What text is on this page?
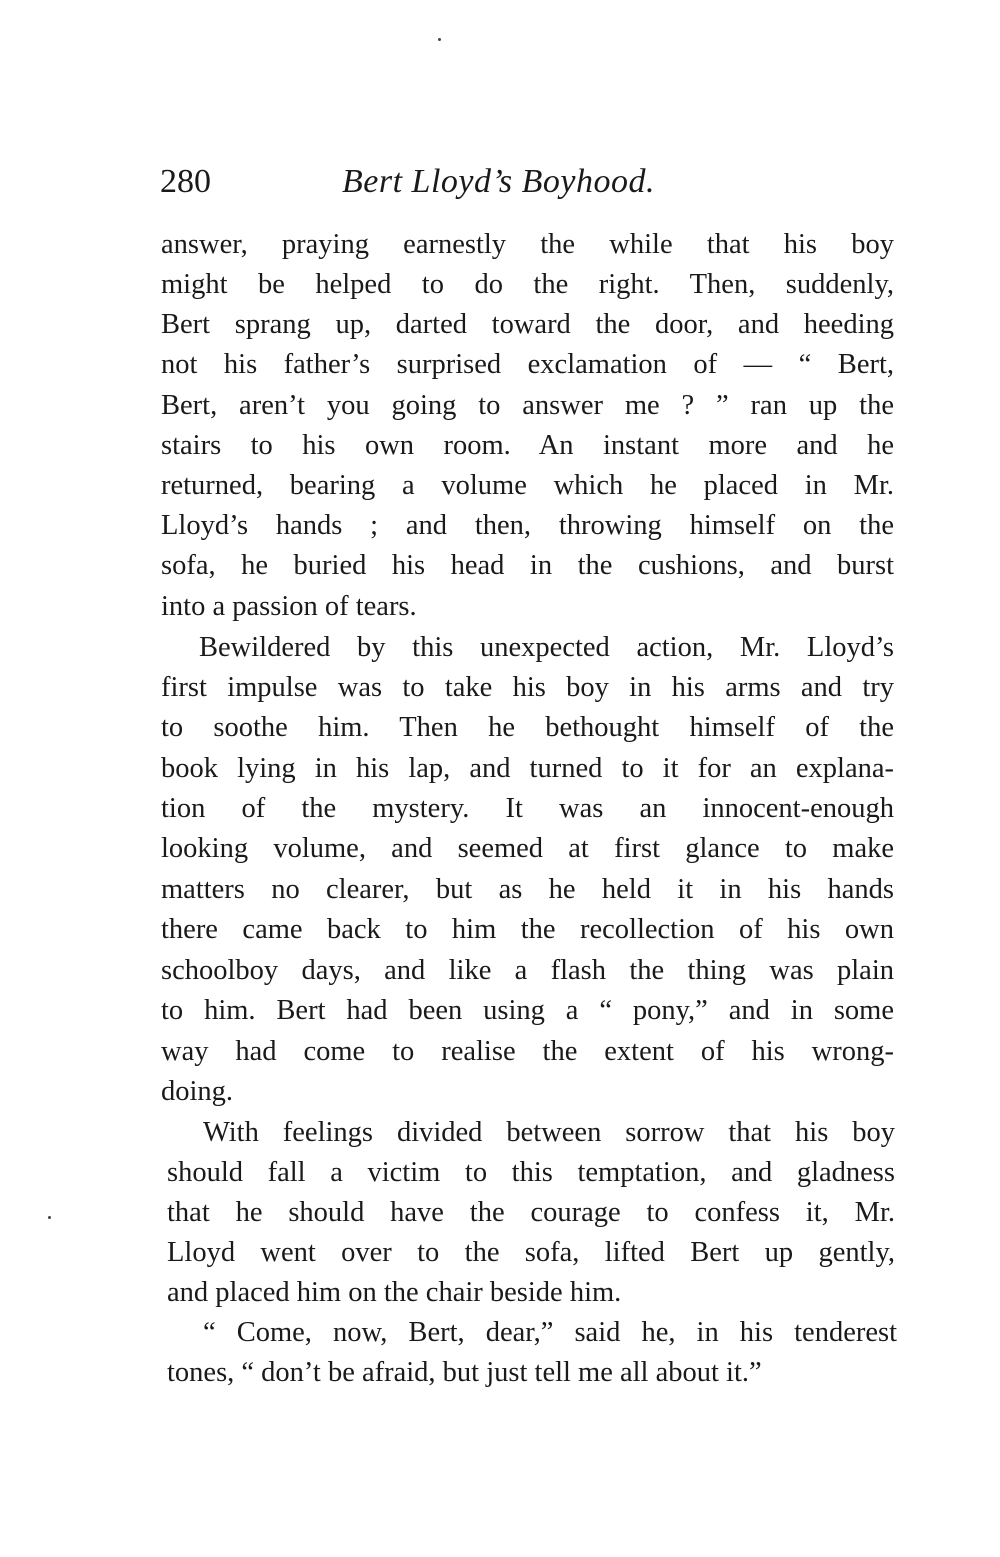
280	Bert Lloyd’s Boyhood.
answer, praying earnestly the while that his boy
might be helped to do the right. Then, suddenly,
Bert sprang up, darted toward the door, and heeding
not his father’s surprised exclamation of — “ Bert,
Bert, aren’t you going to answer me ? ” ran up the
stairs to his own room. An instant more and he
returned, bearing a volume which he placed in Mr.
Lloyd’s hands ; and then, throwing himself on the
sofa, he buried his head in the cushions, and burst
into a passion of tears.
Bewildered by this unexpected action, Mr. Lloyd’s
first impulse was to take his boy in his arms and try
to soothe him. Then he bethought himself of the
book lying in his lap, and turned to it for an explana-
tion of the mystery. It was an innocent-enough
looking volume, and seemed at first glance to make
matters no clearer, but as he held it in his hands
there came back to him the recollection of his own
schoolboy days, and like a flash the thing was plain
to him. Bert had been using a “ pony,” and in some
way had come to realise the extent of his wrong-
doing.
With feelings divided between sorrow that his boy
should fall a victim to this temptation, and gladness
that he should have the courage to confess it, Mr.
Lloyd went over to the sofa, lifted Bert up gently,
and placed him on the chair beside him.
“ Come, now, Bert, dear,” said he, in his tenderest
tones, “ don’t be afraid, but just tell me all about it.”
